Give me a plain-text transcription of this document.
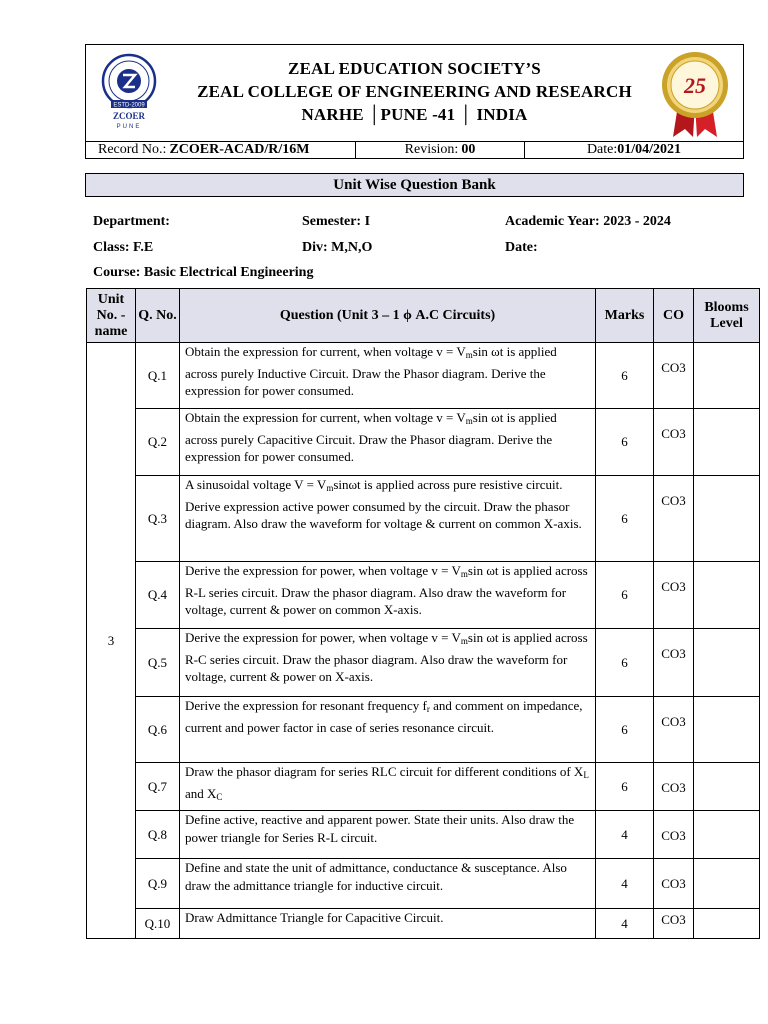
ESTD-2009
ZCOER
PUNE
ZEAL EDUCATION SOCIETY’S
ZEAL COLLEGE OF ENGINEERING AND RESEARCH
NARHE │PUNE -41 │ INDIA
25
Record No.: ZCOER-ACAD/R/16M	Revision: 00	Date: 01/04/2021
Unit Wise Question Bank
Department:	Semester: I	Academic Year: 2023 - 2024
Class: F.E	Div: M,N,O	Date:
Course: Basic Electrical Engineering
Unit No. - name	Q. No.	Question (Unit 3 – 1 ϕ A.C Circuits)	Marks	CO	Blooms Level
3	Q.1	Obtain the expression for current, when voltage $v = V_m\sin$ ωt is applied across purely Inductive Circuit. Draw the Phasor diagram. Derive the expression for power consumed.	6	CO3	
	Q.2	Obtain the expression for current, when voltage $v = V_m\sin$ ωt is applied across purely Capacitive Circuit. Draw the Phasor diagram. Derive the expression for power consumed.	6	CO3	
	Q.3	A sinusoidal voltage $V = V_m\sin\omega t$ is applied across pure resistive circuit. Derive expression active power consumed by the circuit. Draw the phasor diagram. Also draw the waveform for voltage & current on common X-axis.	6	CO3	
	Q.4	Derive the expression for power, when voltage $v = V_m\sin$ ωt is applied across R-L series circuit. Draw the phasor diagram. Also draw the waveform for voltage, current & power on common X-axis.	6	CO3	
	Q.5	Derive the expression for power, when voltage $v = V_m\sin$ ωt is applied across R-C series circuit. Draw the phasor diagram. Also draw the waveform for voltage, current & power on X-axis.	6	CO3	
	Q.6	Derive the expression for resonant frequency $f_r$ and comment on impedance, current and power factor in case of series resonance circuit.	6	CO3	
	Q.7	Draw the phasor diagram for series RLC circuit for different conditions of $X_L$ and $X_C$	6	CO3	
	Q.8	Define active, reactive and apparent power. State their units. Also draw the power triangle for Series R-L circuit.	4	CO3	
	Q.9	Define and state the unit of admittance, conductance & susceptance. Also draw the admittance triangle for inductive circuit.	4	CO3	
	Q.10	Draw Admittance Triangle for Capacitive Circuit.	4	CO3	
